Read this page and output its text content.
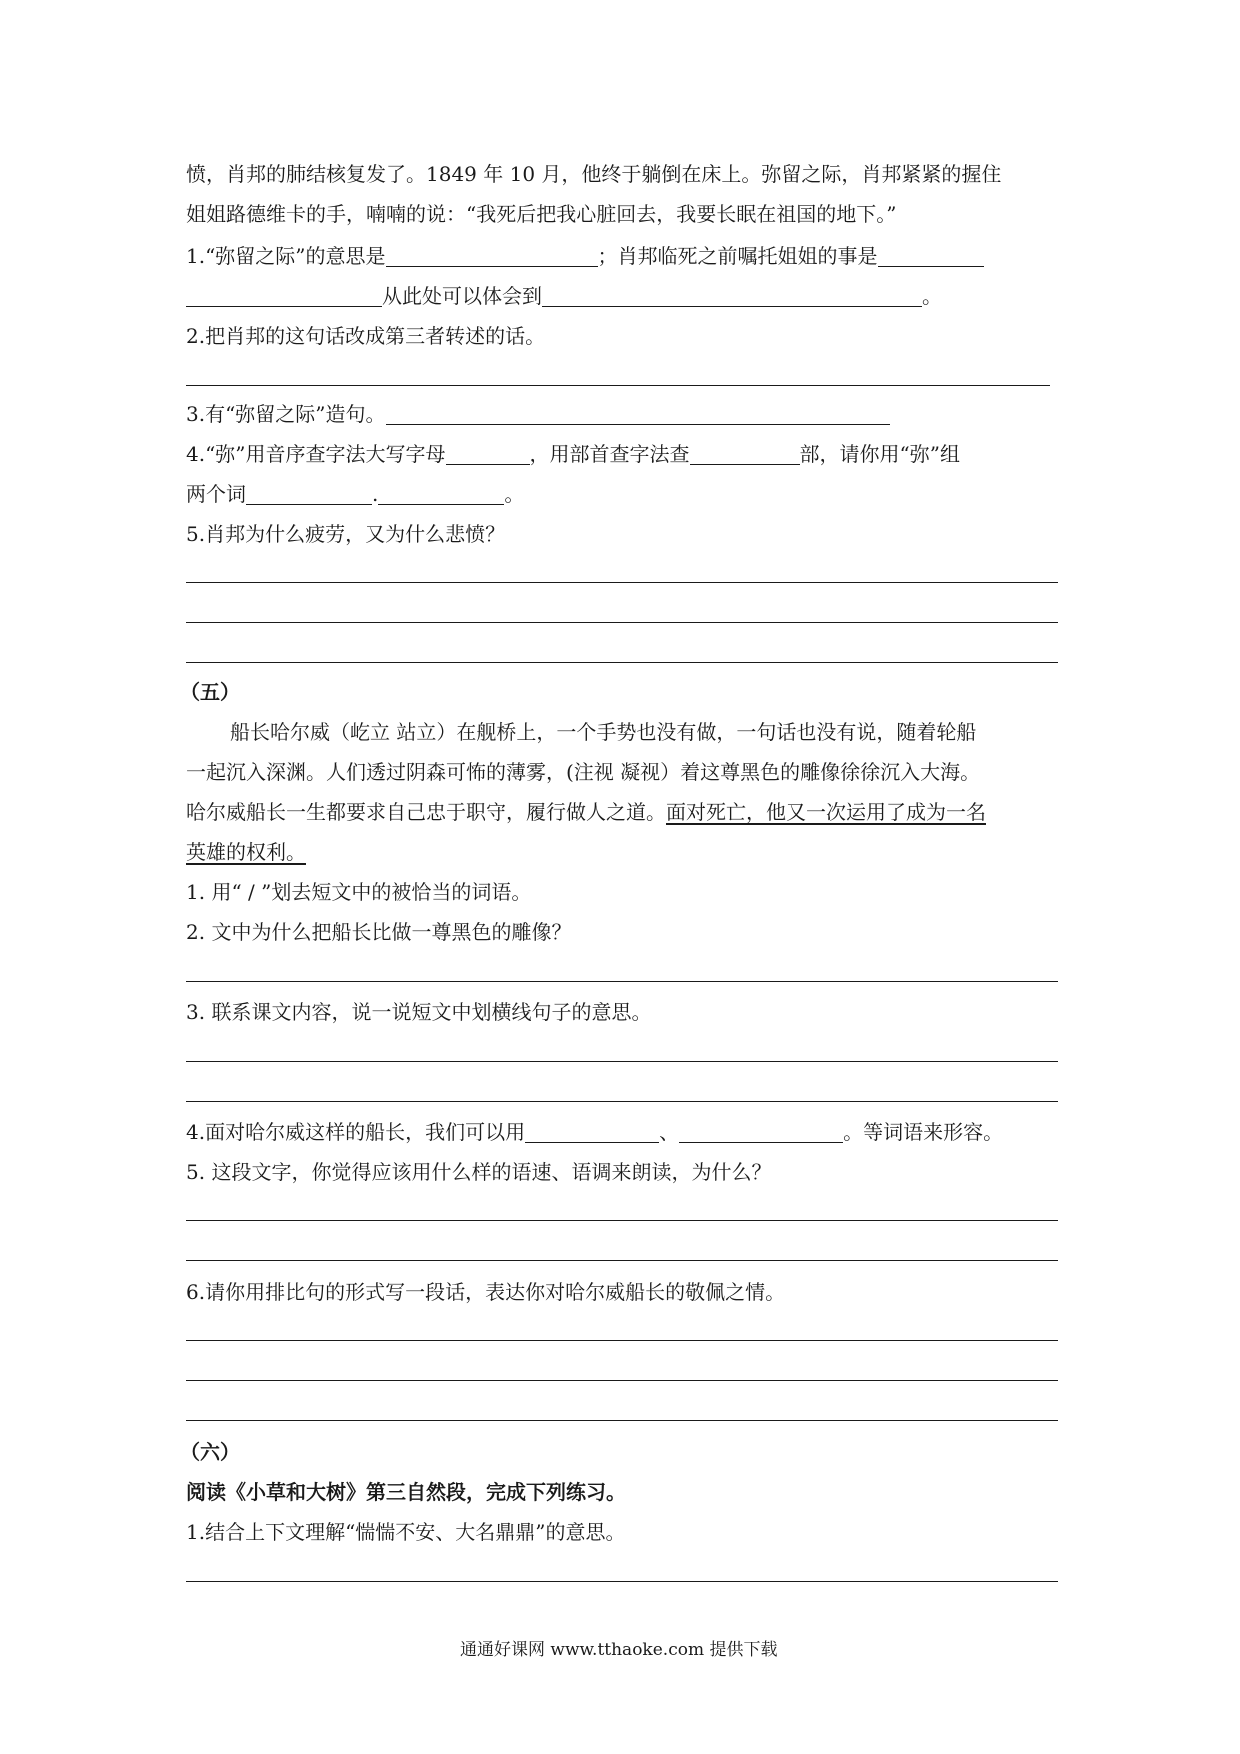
愤，肖邦的肺结核复发了。1849 年 10 月，他终于躺倒在床上。弥留之际，肖邦紧紧的握住
姐姐路德维卡的手，喃喃的说：“我死后把我心脏回去，我要长眠在祖国的地下。”
1.“弥留之际”的意思是	；肖邦临死之前嘱托姐姐的事是
从此处可以体会到	。
2.把肖邦的这句话改成第三者转述的话。
3.有“弥留之际”造句。
4.“弥”用音序查字法大写字母	，用部首查字法查	部，请你用“弥”组
两个词	.	。
5.肖邦为什么疲劳，又为什么悲愤？
（五）
船长哈尔威（屹立 站立）在舰桥上，一个手势也没有做，一句话也没有说，随着轮船
一起沉入深渊。人们透过阴森可怖的薄雾，(注视 凝视）着这尊黑色的雕像徐徐沉入大海。
哈尔威船长一生都要求自己忠于职守，履行做人之道。面对死亡，他又一次运用了成为一名
英雄的权利。
1. 用“ / ”划去短文中的被恰当的词语。
2. 文中为什么把船长比做一尊黑色的雕像？
3. 联系课文内容，说一说短文中划横线句子的意思。
4.面对哈尔威这样的船长，我们可以用	、	。等词语来形容。
5. 这段文字，你觉得应该用什么样的语速、语调来朗读，为什么？
6.请你用排比句的形式写一段话，表达你对哈尔威船长的敬佩之情。
（六）
阅读《小草和大树》第三自然段，完成下列练习。
1.结合上下文理解“惴惴不安、大名鼎鼎”的意思。
通通好课网 www.tthaoke.com 提供下载
